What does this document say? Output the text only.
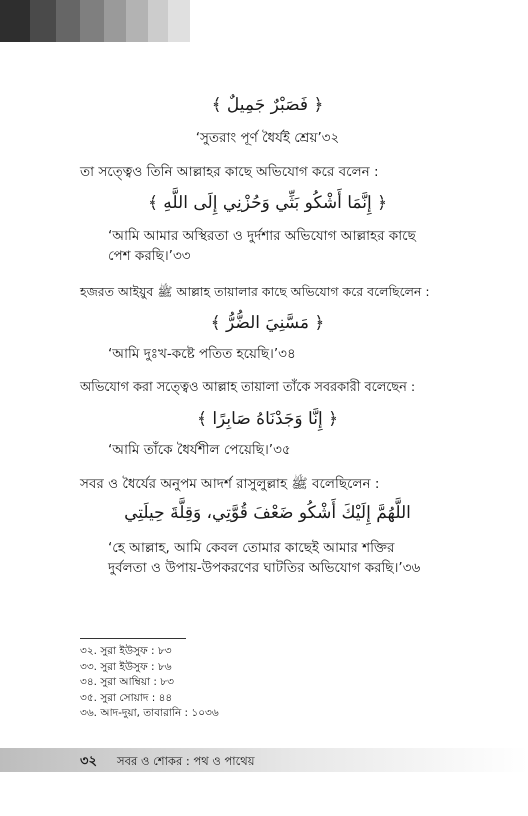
﴿ فَصَبْرٌ جَمِيلٌ ﴾

‘সুতরাং পূর্ণ ধৈর্যই শ্রেয়’৩২

তা সত্ত্বেও তিনি আল্লাহর কাছে অভিযোগ করে বলেন :

﴿ إِنَّمَا أَشْكُو بَثِّي وَحُزْنِي إِلَى اللَّهِ ﴾

‘আমি আমার অস্থিরতা ও দুর্দশার অভিযোগ আল্লাহর কাছে

পেশ করছি।’৩৩

হজরত আইয়ুব ﷺ আল্লাহ তায়ালার কাছে অভিযোগ করে বলেছিলেন :

﴿ مَسَّنِيَ الضُّرُّ ﴾

‘আমি দুঃখ-কষ্টে পতিত হয়েছি।’৩৪

অভিযোগ করা সত্ত্বেও আল্লাহ তায়ালা তাঁকে সবরকারী বলেছেন :

﴿ إِنَّا وَجَدْنَاهُ صَابِرًا ﴾

‘আমি তাঁকে ধৈর্যশীল পেয়েছি।’৩৫

সবর ও ধৈর্যের অনুপম আদর্শ রাসুলুল্লাহ ﷺ বলেছিলেন :

اللَّهُمَّ إِلَيْكَ أَشْكُو ضَعْفَ قُوَّتِي، وَقِلَّةَ حِيلَتِي

‘হে আল্লাহ, আমি কেবল তোমার কাছেই আমার শক্তির

দুর্বলতা ও উপায়-উপকরণের ঘাটতির অভিযোগ করছি।’৩৬

৩২. সুরা ইউসুফ : ৮৩

৩৩. সুরা ইউসুফ : ৮৬

৩৪. সুরা আম্বিয়া : ৮৩

৩৫. সুরা সোয়াদ : ৪৪

৩৬. আদ-দুয়া, তাবারানি : ১০৩৬

৩২ সবর ও শোকর : পথ ও পাথেয়
